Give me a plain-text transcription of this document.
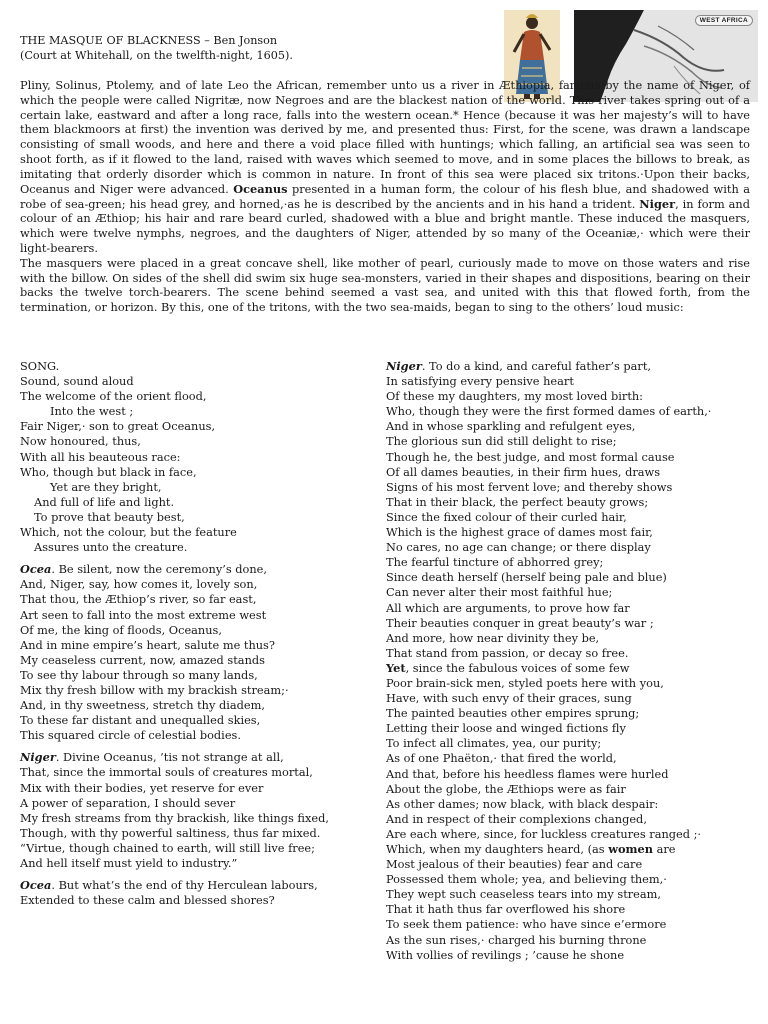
WEST AFRICA
THE MASQUE OF BLACKNESS – Ben Jonson
(Court at Whitehall, on the twelfth-night, 1605).

Pliny, Solinus, Ptolemy, and of late Leo the African, remember unto us a river in Æthiopia, famous by the name of Niger, of which the people were called Nigritæ, now Negroes and are the blackest nation of the world. This river takes spring out of a certain lake, eastward and after a long race, falls into the western ocean.* Hence (because it was her majesty’s will to have them blackmoors at first) the invention was derived by me, and presented thus: First, for the scene, was drawn a landscape consisting of small woods, and here and there a void place filled with huntings; which falling, an artificial sea was seen to shoot forth, as if it flowed to the land, raised with waves which seemed to move, and in some places the billows to break, as imitating that orderly disorder which is common in nature. In front of this sea were placed six tritons.·Upon their backs, Oceanus and Niger were advanced. Oceanus presented in a human form, the colour of his flesh blue, and shadowed with a robe of sea-green; his head grey, and horned,·as he is described by the ancients and in his hand a trident. Niger, in form and colour of an Æthiop; his hair and rare beard curled, shadowed with a blue and bright mantle. These induced the masquers, which were twelve nymphs, negroes, and the daughters of Niger, attended by so many of the Oceaniæ,· which were their light-bearers.

The masquers were placed in a great concave shell, like mother of pearl, curiously made to move on those waters and rise with the billow. On sides of the shell did swim six huge sea-monsters, varied in their shapes and dispositions, bearing on their backs the twelve torch-bearers. The scene behind seemed a vast sea, and united with this that flowed forth, from the termination, or horizon. By this, one of the tritons, with the two sea-maids, began to sing to the others’ loud music:

SONG.
Sound, sound aloud
The welcome of the orient flood,
Into the west ;
Fair Niger,· son to great Oceanus,
Now honoured, thus,
With all his beauteous race:
Who, though but black in face,
Yet are they bright,
And full of life and light.
To prove that beauty best,
Which, not the colour, but the feature
Assures unto the creature.
Ocea. Be silent, now the ceremony’s done,
And, Niger, say, how comes it, lovely son,
That thou, the Æthiop’s river, so far east,
Art seen to fall into the most extreme west
Of me, the king of floods, Oceanus,
And in mine empire’s heart, salute me thus?
My ceaseless current, now, amazed stands
To see thy labour through so many lands,
Mix thy fresh billow with my brackish stream;·
And, in thy sweetness, stretch thy diadem,
To these far distant and unequalled skies,
This squared circle of celestial bodies.
Niger. Divine Oceanus, ’tis not strange at all,
That, since the immortal souls of creatures mortal,
Mix with their bodies, yet reserve for ever
A power of separation, I should sever
My fresh streams from thy brackish, like things fixed,
Though, with thy powerful saltiness, thus far mixed.
“Virtue, though chained to earth, will still live free;
And hell itself must yield to industry.”
Ocea. But what’s the end of thy Herculean labours,
Extended to these calm and blessed shores?
Niger. To do a kind, and careful father’s part,
In satisfying every pensive heart
Of these my daughters, my most loved birth:
Who, though they were the first formed dames of earth,·
And in whose sparkling and refulgent eyes,
The glorious sun did still delight to rise;
Though he, the best judge, and most formal cause
Of all dames beauties, in their firm hues, draws
Signs of his most fervent love; and thereby shows
That in their black, the perfect beauty grows;
Since the fixed colour of their curled hair,
Which is the highest grace of dames most fair,
No cares, no age can change; or there display
The fearful tincture of abhorred grey;
Since death herself (herself being pale and blue)
Can never alter their most faithful hue;
All which are arguments, to prove how far
Their beauties conquer in great beauty’s war ;
And more, how near divinity they be,
That stand from passion, or decay so free.
Yet, since the fabulous voices of some few
Poor brain-sick men, styled poets here with you,
Have, with such envy of their graces, sung
The painted beauties other empires sprung;
Letting their loose and winged fictions fly
To infect all climates, yea, our purity;
As of one Phaëton,· that fired the world,
And that, before his heedless flames were hurled
About the globe, the Æthiops were as fair
As other dames; now black, with black despair:
And in respect of their complexions changed,
Are each where, since, for luckless creatures ranged ;·
Which, when my daughters heard, (as women are
Most jealous of their beauties) fear and care
Possessed them whole; yea, and believing them,·
They wept such ceaseless tears into my stream,
That it hath thus far overflowed his shore
To seek them patience: who have since e’ermore
As the sun rises,· charged his burning throne
With vollies of revilings ; ’cause he shone
